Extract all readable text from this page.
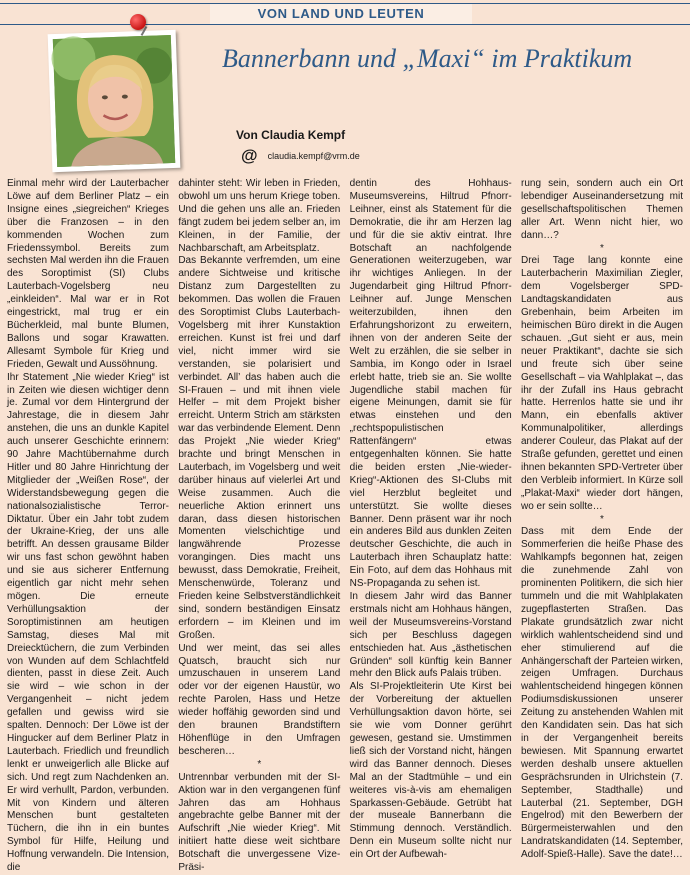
VON LAND UND LEUTEN
Bannerbann und „Maxi“ im Praktikum
Von Claudia Kempf
@ claudia.kempf@vrm.de

Einmal mehr wird der Lauterbacher Löwe auf dem Berliner Platz – ein Insigne eines „siegreichen“ Krieges über die Franzosen – in den kommenden Wochen zum Friedenssymbol. Bereits zum sechsten Mal werden ihn die Frauen des Soroptimist (SI) Clubs Lauterbach-Vogelsberg neu „einkleiden“. Mal war er in Rot eingestrickt, mal trug er ein Bücherkleid, mal bunte Blumen, Ballons und sogar Krawatten. Allesamt Symbole für Krieg und Frieden, Gewalt und Aussöhnung.

Ihr Statement „Nie wieder Krieg“ ist in Zeiten wie diesen wichtiger denn je. Zumal vor dem Hintergrund der Jahrestage, die in diesem Jahr anstehen, die uns an dunkle Kapitel auch unserer Geschichte erinnern: 90 Jahre Machtübernahme durch Hitler und 80 Jahre Hinrichtung der Mitglieder der „Weißen Rose“, der Widerstandsbewegung gegen die nationalsozialistische Terror-Diktatur. Über ein Jahr tobt zudem der Ukraine-Krieg, der uns alle betrifft. An dessen grausame Bilder wir uns fast schon gewöhnt haben und sie aus sicherer Entfernung eigentlich gar nicht mehr sehen mögen. Die erneute Verhüllungsaktion der Soroptimistinnen am heutigen Samstag, dieses Mal mit Dreiecktüchern, die zum Verbinden von Wunden auf dem Schlachtfeld dienten, passt in diese Zeit. Auch sie wird – wie schon in der Vergangenheit – nicht jedem gefallen und gewiss wird sie spalten. Dennoch: Der Löwe ist der Hingucker auf dem Berliner Platz in Lauterbach. Friedlich und freundlich lenkt er unweigerlich alle Blicke auf sich. Und regt zum Nachdenken an. Er wird verhullt, Pardon, verbunden. Mit von Kindern und älteren Menschen bunt gestalteten Tüchern, die ihn in ein buntes Symbol für Hilfe, Heilung und Hoffnung verwandeln. Die Intension, die

dahinter steht: Wir leben in Frieden, obwohl um uns herum Kriege toben. Und die gehen uns alle an. Frieden fängt zudem bei jedem selber an, im Kleinen, in der Familie, der Nachbarschaft, am Arbeitsplatz.

Das Bekannte verfremden, um eine andere Sichtweise und kritische Distanz zum Dargestellten zu bekommen. Das wollen die Frauen des Soroptimist Clubs Lauterbach-Vogelsberg mit ihrer Kunstaktion erreichen. Kunst ist frei und darf viel, nicht immer wird sie verstanden, sie polarisiert und verbindet. All’ das haben auch die SI-Frauen – und mit ihnen viele Helfer – mit dem Projekt bisher erreicht. Unterm Strich am stärksten war das verbindende Element. Denn das Projekt „Nie wieder Krieg“ brachte und bringt Menschen in Lauterbach, im Vogelsberg und weit darüber hinaus auf vielerlei Art und Weise zusammen. Auch die neuerliche Aktion erinnert uns daran, dass diesen historischen Momenten vielschichtige und langwährende Prozesse vorangingen. Dies macht uns bewusst, dass Demokratie, Freiheit, Menschenwürde, Toleranz und Frieden keine Selbstverständlichkeit sind, sondern beständigen Einsatz erfordern – im Kleinen und im Großen.

Und wer meint, das sei alles Quatsch, braucht sich nur umzuschauen in unserem Land oder vor der eigenen Haustür, wo rechte Parolen, Hass und Hetze wieder hoffähig geworden sind und den braunen Brandstiftern Höhenflüge in den Umfragen bescheren…

*

Untrennbar verbunden mit der SI-Aktion war in den vergangenen fünf Jahren das am Hohhaus angebrachte gelbe Banner mit der Aufschrift „Nie wieder Krieg“. Mit initiiert hatte diese weit sichtbare Botschaft die unvergessene Vize-Präsi-

dentin des Hohhaus-Museumsvereins, Hiltrud Pfnorr-Leihner, einst als Statement für die Demokratie, die ihr am Herzen lag und für die sie aktiv eintrat. Ihre Botschaft an nachfolgende Generationen weiterzugeben, war ihr wichtiges Anliegen. In der Jugendarbeit ging Hiltrud Pfnorr-Leihner auf. Junge Menschen weiterzubilden, ihnen den Erfahrungshorizont zu erweitern, ihnen von der anderen Seite der Welt zu erzählen, die sie selber in Sambia, im Kongo oder in Israel erlebt hatte, trieb sie an. Sie wollte Jugendliche stabil machen für eigene Meinungen, damit sie für etwas einstehen und den „rechtspopulistischen Rattenfängern“ etwas entgegenhalten können. Sie hatte die beiden ersten „Nie-wieder-Krieg“-Aktionen des SI-Clubs mit viel Herzblut begleitet und unterstützt. Sie wollte dieses Banner. Denn präsent war ihr noch ein anderes Bild aus dunklen Zeiten deutscher Geschichte, die auch in Lauterbach ihren Schauplatz hatte: Ein Foto, auf dem das Hohhaus mit NS-Propaganda zu sehen ist.

In diesem Jahr wird das Banner erstmals nicht am Hohhaus hängen, weil der Museumsvereins-Vorstand sich per Beschluss dagegen entschieden hat. Aus „ästhetischen Gründen“ soll künftig kein Banner mehr den Blick aufs Palais trüben.

Als SI-Projektleiterin Ute Kirst bei der Vorbereitung der aktuellen Verhüllungsaktion davon hörte, sei sie wie vom Donner gerührt gewesen, gestand sie. Umstimmen ließ sich der Vorstand nicht, hängen wird das Banner dennoch. Dieses Mal an der Stadtmühle – und ein weiteres vis-à-vis am ehemaligen Sparkassen-Gebäude. Getrübt hat der museale Bannerbann die Stimmung dennoch. Verständlich. Denn ein Museum sollte nicht nur ein Ort der Aufbewah-

rung sein, sondern auch ein Ort lebendiger Auseinandersetzung mit gesellschaftspolitischen Themen aller Art. Wenn nicht hier, wo dann…?

*

Drei Tage lang konnte eine Lauterbacherin Maximilian Ziegler, dem Vogelsberger SPD-Landtagskandidaten aus Grebenhain, beim Arbeiten im heimischen Büro direkt in die Augen schauen. „Gut sieht er aus, mein neuer Praktikant“, dachte sie sich und freute sich über seine Gesellschaft – via Wahlplakat –, das ihr der Zufall ins Haus gebracht hatte. Herrenlos hatte sie und ihr Mann, ein ebenfalls aktiver Kommunalpolitiker, allerdings anderer Couleur, das Plakat auf der Straße gefunden, gerettet und einen ihnen bekannten SPD-Vertreter über den Verbleib informiert. In Kürze soll „Plakat-Maxi“ wieder dort hängen, wo er sein sollte…

*

Dass mit dem Ende der Sommerferien die heiße Phase des Wahlkampfs begonnen hat, zeigen die zunehmende Zahl von prominenten Politikern, die sich hier tummeln und die mit Wahlplakaten zugepflasterten Straßen. Das Plakate grundsätzlich zwar nicht wirklich wahlentscheidend sind und eher stimulierend auf die Anhängerschaft der Parteien wirken, zeigen Umfragen. Durchaus wahlentscheidend hingegen können Podiumsdiskussionen unserer Zeitung zu anstehenden Wahlen mit den Kandidaten sein. Das hat sich in der Vergangenheit bereits bewiesen. Mit Spannung erwartet werden deshalb unsere aktuellen Gesprächsrunden in Ulrichstein (7. September, Stadthalle) und Lauterbal (21. September, DGH Engelrod) mit den Bewerbern der Bürgermeisterwahlen und den Landratskandidaten (14. September, Adolf-Spieß-Halle). Save the date!…
